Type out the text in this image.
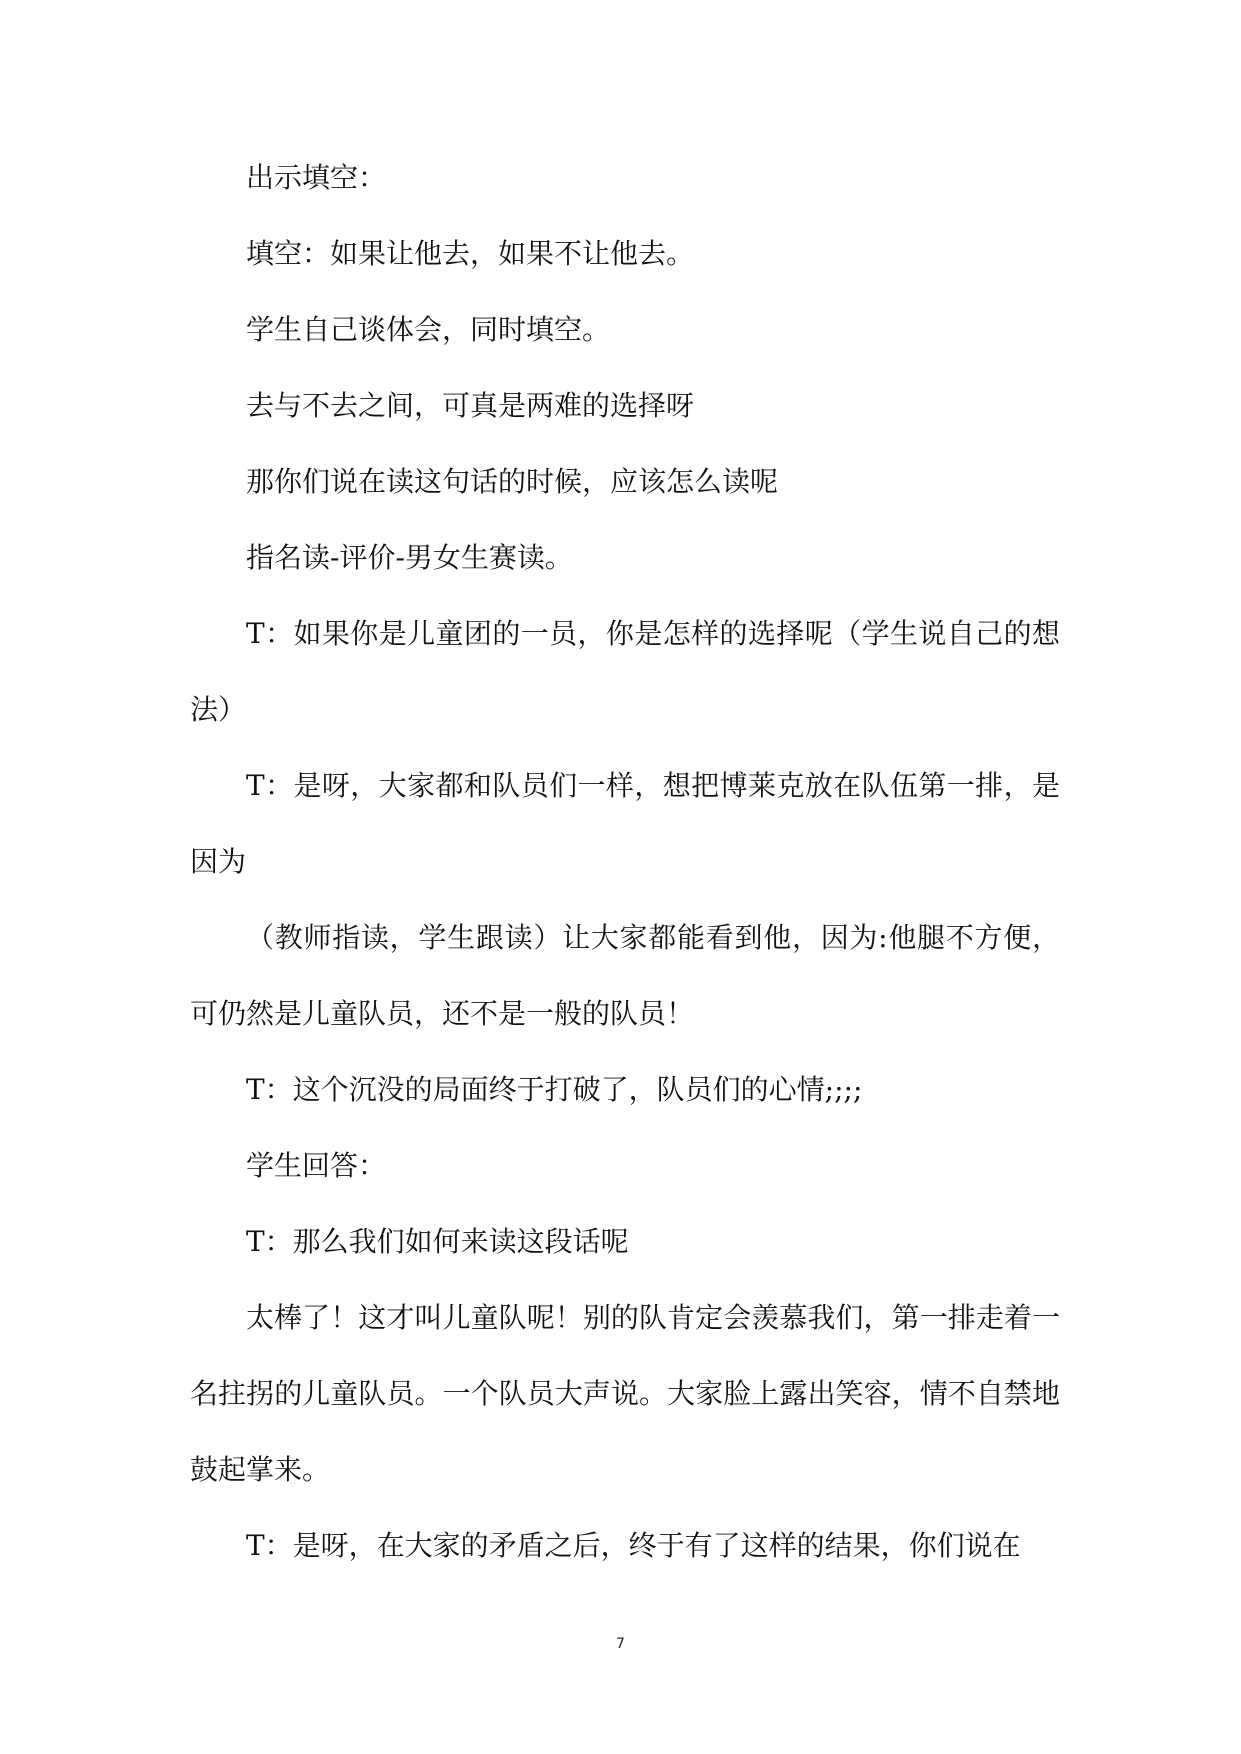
出示填空：

填空：如果让他去，如果不让他去。

学生自己谈体会，同时填空。

去与不去之间，可真是两难的选择呀

那你们说在读这句话的时候，应该怎么读呢

指名读-评价-男女生赛读。

T：如果你是儿童团的一员，你是怎样的选择呢（学生说自己的想法）

T：是呀，大家都和队员们一样，想把博莱克放在队伍第一排，是因为

（教师指读，学生跟读）让大家都能看到他，因为:他腿不方便，可仍然是儿童队员，还不是一般的队员！

T：这个沉没的局面终于打破了，队员们的心情;;;;

学生回答：

T：那么我们如何来读这段话呢

太棒了！这才叫儿童队呢！别的队肯定会羡慕我们，第一排走着一名拄拐的儿童队员。一个队员大声说。大家脸上露出笑容，情不自禁地鼓起掌来。

T：是呀，在大家的矛盾之后，终于有了这样的结果，你们说在

7
